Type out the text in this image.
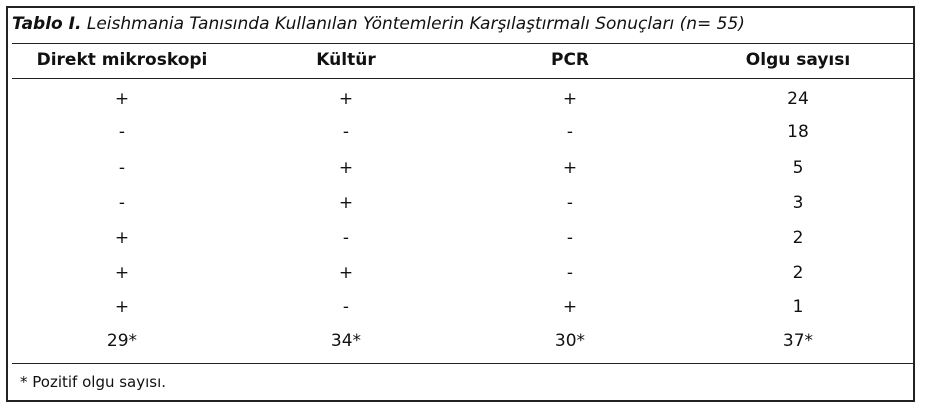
Tablo I. Leishmania Tanısında Kullanılan Yöntemlerin Karşılaştırmalı Sonuçları (n= 55)
Direkt mikroskopi	Kültür	PCR	Olgu sayısı
+	+	+	24
-	-	-	18
-	+	+	5
-	+	-	3
+	-	-	2
+	+	-	2
+	-	+	1
29*	34*	30*	37*
* Pozitif olgu sayısı.
